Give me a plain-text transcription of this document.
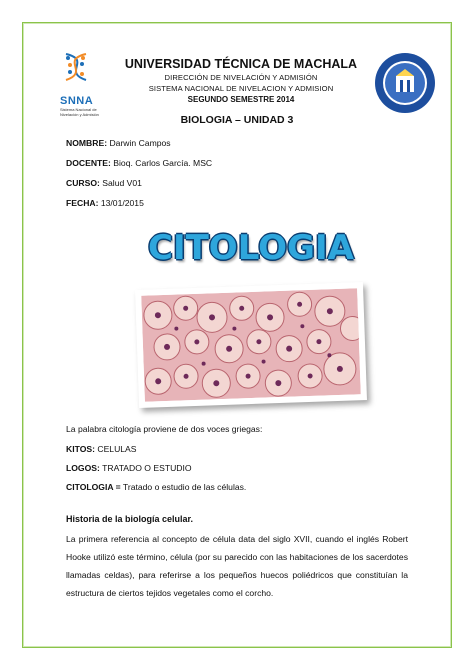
SNNA
Sistema Nacional de Nivelación y Admisión
UNIVERSIDAD TÉCNICA DE MACHALA
DIRECCIÓN DE NIVELACIÓN Y ADMISIÓN
SISTEMA NACIONAL DE NIVELACION Y ADMISION
SEGUNDO SEMESTRE 2014
BIOLOGIA – UNIDAD 3
NOMBRE: Darwin Campos
DOCENTE: Bioq. Carlos García. MSC
CURSO: Salud V01
FECHA: 13/01/2015
CITOLOGIA
La palabra citología proviene de dos voces griegas:
KITOS: CELULAS
LOGOS: TRATADO O ESTUDIO
CITOLOGIA = Tratado o estudio de las células.
Historia de la biología celular.
La primera referencia al concepto de célula data del siglo XVII, cuando el inglés Robert Hooke utilizó este término, célula (por su parecido con las habitaciones de los sacerdotes llamadas celdas), para referirse a los pequeños huecos poliédricos que constituían la estructura de ciertos tejidos vegetales como el corcho.
